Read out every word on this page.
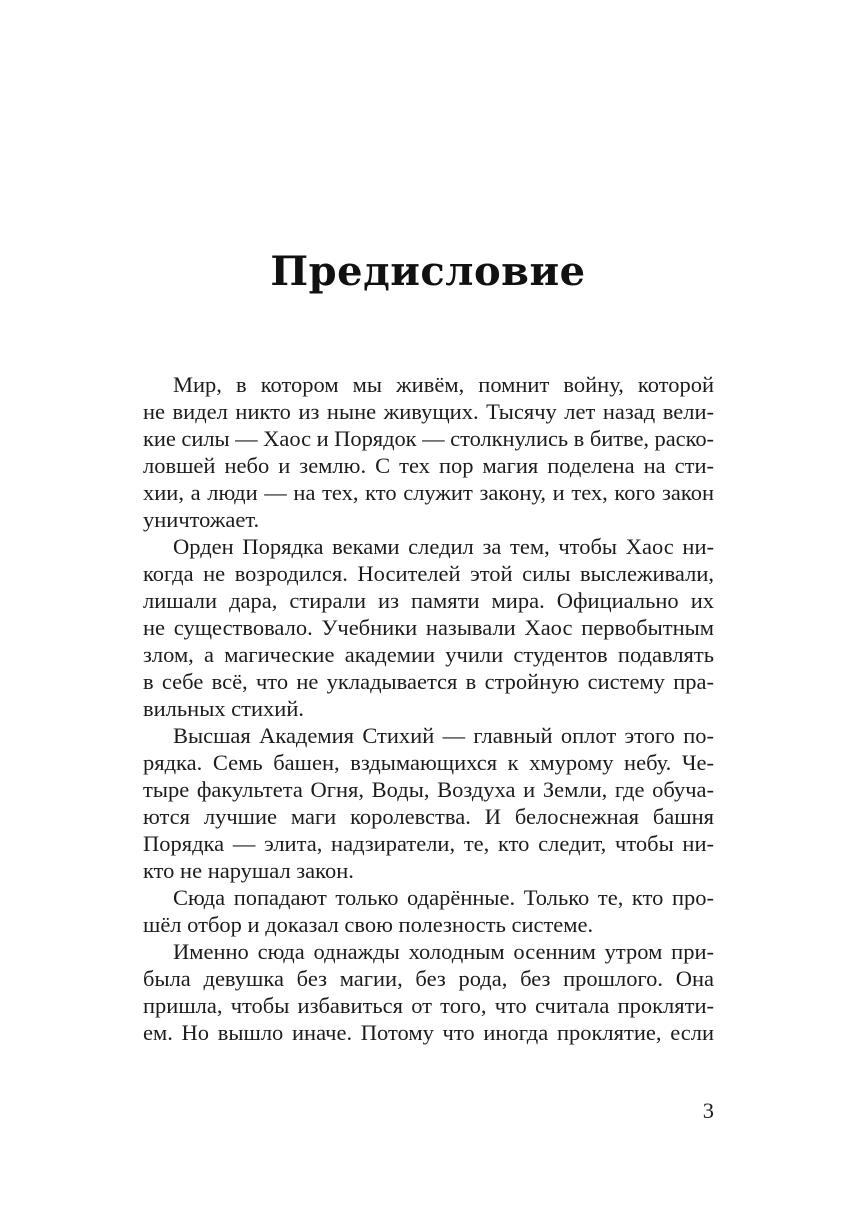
Предисловие
Мир, в котором мы живём, помнит войну, которой
не видел никто из ныне живущих. Тысячу лет назад вели-
кие силы — Хаос и Порядок — столкнулись в битве, раско-
ловшей небо и землю. С тех пор магия поделена на сти-
хии, а люди — на тех, кто служит закону, и тех, кого закон
уничтожает.
Орден Порядка веками следил за тем, чтобы Хаос ни-
когда не возродился. Носителей этой силы выслеживали,
лишали дара, стирали из памяти мира. Официально их
не существовало. Учебники называли Хаос первобытным
злом, а магические академии учили студентов подавлять
в себе всё, что не укладывается в стройную систему пра-
вильных стихий.
Высшая Академия Стихий — главный оплот этого по-
рядка. Семь башен, вздымающихся к хмурому небу. Че-
тыре факультета Огня, Воды, Воздуха и Земли, где обуча-
ются лучшие маги королевства. И белоснежная башня
Порядка — элита, надзиратели, те, кто следит, чтобы ни-
кто не нарушал закон.
Сюда попадают только одарённые. Только те, кто про-
шёл отбор и доказал свою полезность системе.
Именно сюда однажды холодным осенним утром при-
была девушка без магии, без рода, без прошлого. Она
пришла, чтобы избавиться от того, что считала прокляти-
ем. Но вышло иначе. Потому что иногда проклятие, если
3
